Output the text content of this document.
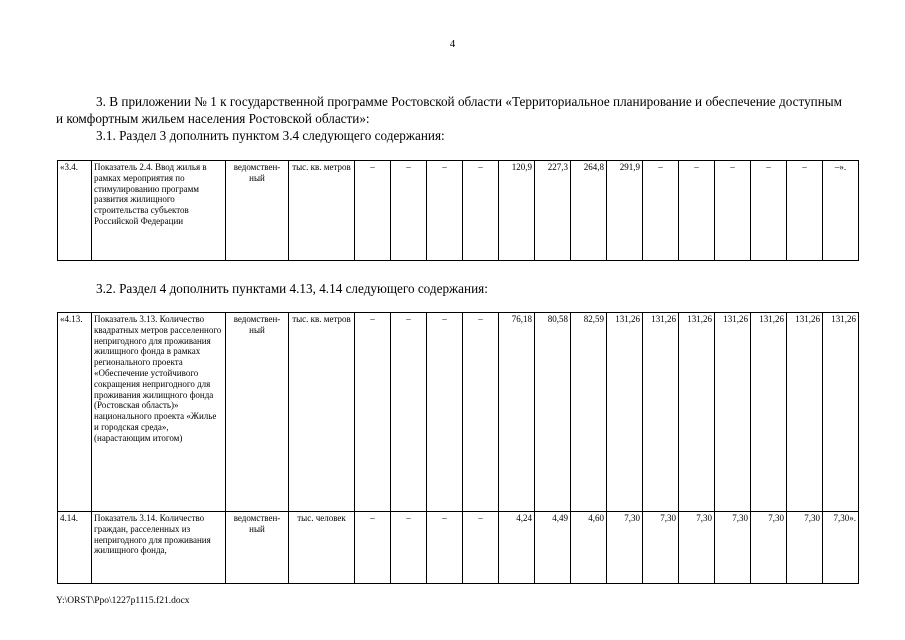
4
3. В приложении № 1 к государственной программе Ростовской области «Территориальное планирование и обеспечение доступным и комфортным жильем населения Ростовской области»:
3.1. Раздел 3 дополнить пунктом 3.4 следующего содержания:
«3.4.	Показатель 2.4. Ввод жилья в рамках мероприятия по стимулированию программ развития жилищного строительства субъектов Российской Федерации	ведомствен-ный	тыс. кв. метров	–	–	–	–	120,9	227,3	264,8	291,9	–	–	–	–	–	–».
3.2. Раздел 4 дополнить пунктами 4.13, 4.14 следующего содержания:
«4.13.	Показатель 3.13. Количество квадратных метров расселенного непригодного для проживания жилищного фонда в рамках регионального проекта «Обеспечение устойчивого сокращения непригодного для проживания жилищного фонда (Ростовская область)» национального проекта «Жилье и городская среда», (нарастающим итогом)	ведомствен-ный	тыс. кв. метров	–	–	–	–	76,18	80,58	82,59	131,26	131,26	131,26	131,26	131,26	131,26	131,26
4.14.	Показатель 3.14. Количество граждан, расселенных из непригодного для проживания жилищного фонда,	ведомствен-ный	тыс. человек	–	–	–	–	4,24	4,49	4,60	7,30	7,30	7,30	7,30	7,30	7,30	7,30».
Y:\ORST\Ppo\1227p1115.f21.docx
